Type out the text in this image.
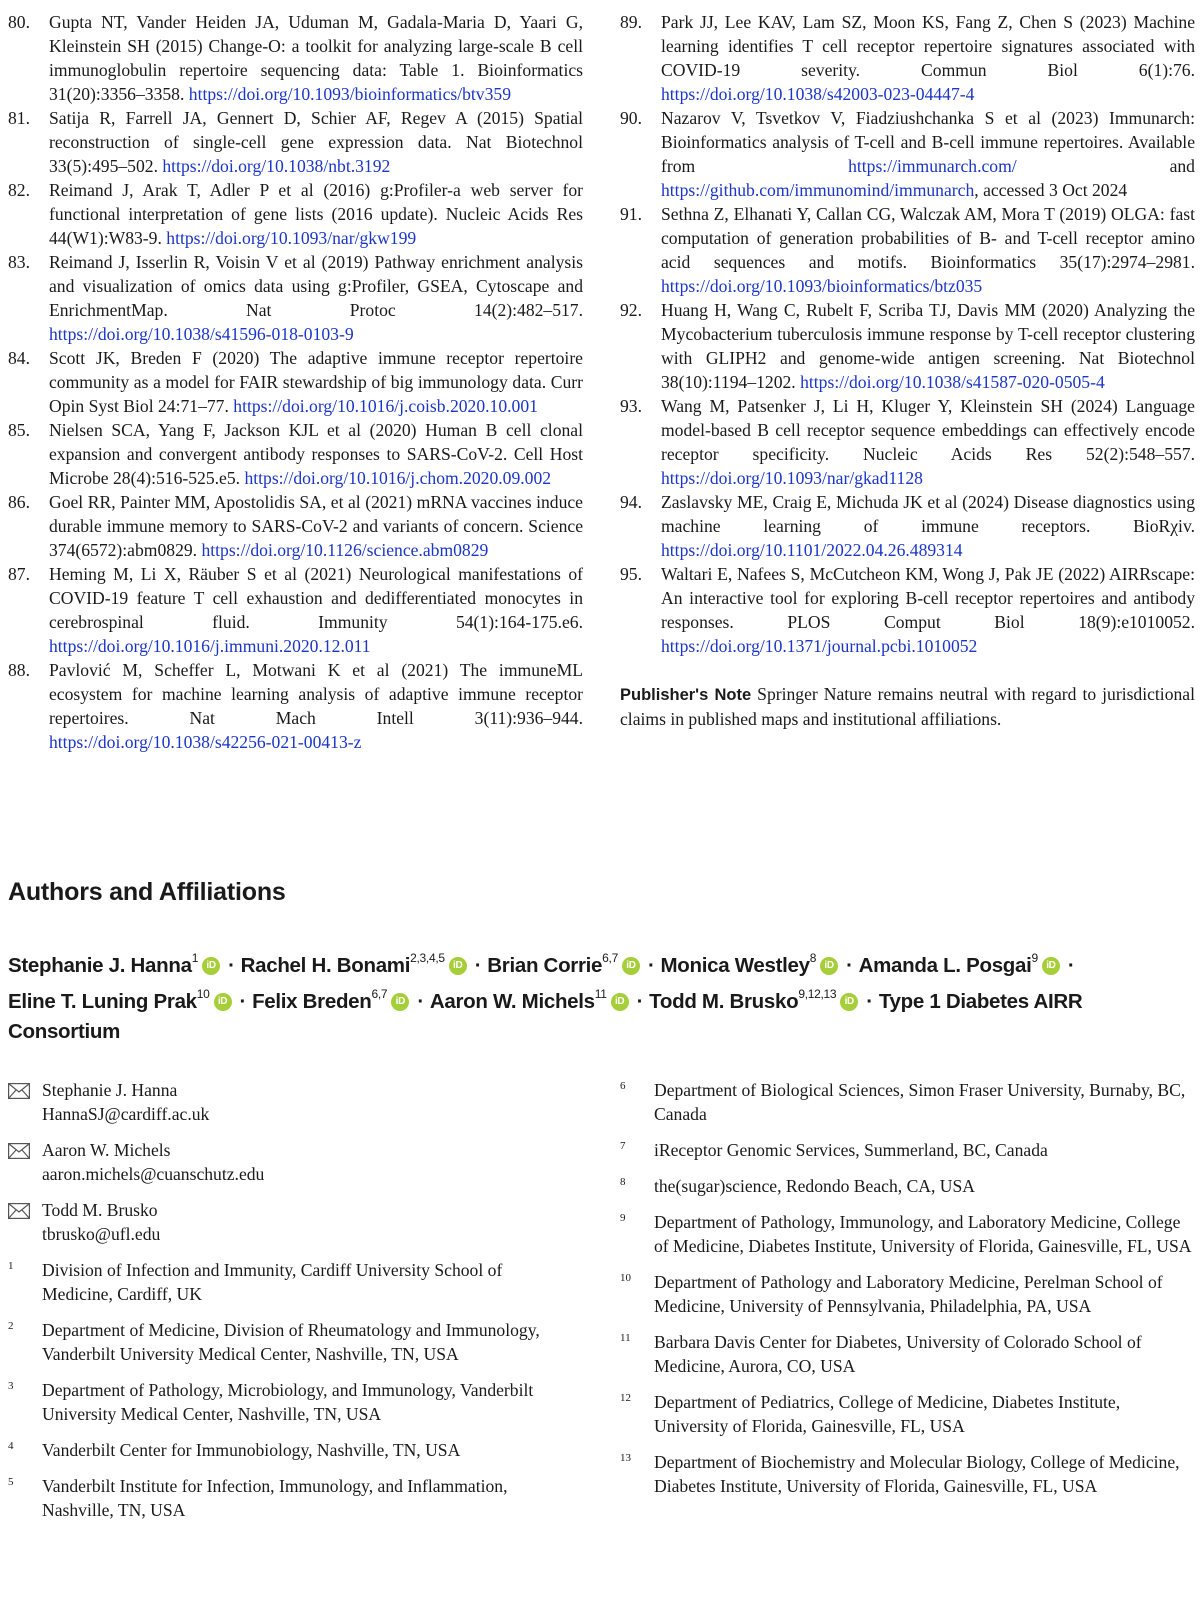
80.	Gupta NT, Vander Heiden JA, Uduman M, Gadala-Maria D, Yaari G, Kleinstein SH (2015) Change-O: a toolkit for analyzing large-scale B cell immunoglobulin repertoire sequencing data: Table 1. Bioinformatics 31(20):3356–3358. https://doi.org/10.1093/bioinformatics/btv359
81.	Satija R, Farrell JA, Gennert D, Schier AF, Regev A (2015) Spatial reconstruction of single-cell gene expression data. Nat Biotechnol 33(5):495–502. https://doi.org/10.1038/nbt.3192
82.	Reimand J, Arak T, Adler P et al (2016) g:Profiler-a web server for functional interpretation of gene lists (2016 update). Nucleic Acids Res 44(W1):W83-9. https://doi.org/10.1093/nar/gkw199
83.	Reimand J, Isserlin R, Voisin V et al (2019) Pathway enrichment analysis and visualization of omics data using g:Profiler, GSEA, Cytoscape and EnrichmentMap. Nat Protoc 14(2):482–517. https://doi.org/10.1038/s41596-018-0103-9
84.	Scott JK, Breden F (2020) The adaptive immune receptor repertoire community as a model for FAIR stewardship of big immunology data. Curr Opin Syst Biol 24:71–77. https://doi.org/10.1016/j.coisb.2020.10.001
85.	Nielsen SCA, Yang F, Jackson KJL et al (2020) Human B cell clonal expansion and convergent antibody responses to SARS-CoV-2. Cell Host Microbe 28(4):516-525.e5. https://doi.org/10.1016/j.chom.2020.09.002
86.	Goel RR, Painter MM, Apostolidis SA, et al (2021) mRNA vaccines induce durable immune memory to SARS-CoV-2 and variants of concern. Science 374(6572):abm0829. https://doi.org/10.1126/science.abm0829
87.	Heming M, Li X, Räuber S et al (2021) Neurological manifestations of COVID-19 feature T cell exhaustion and dedifferentiated monocytes in cerebrospinal fluid. Immunity 54(1):164-175.e6. https://doi.org/10.1016/j.immuni.2020.12.011
88.	Pavlović M, Scheffer L, Motwani K et al (2021) The immuneML ecosystem for machine learning analysis of adaptive immune receptor repertoires. Nat Mach Intell 3(11):936–944. https://doi.org/10.1038/s42256-021-00413-z
89.	Park JJ, Lee KAV, Lam SZ, Moon KS, Fang Z, Chen S (2023) Machine learning identifies T cell receptor repertoire signatures associated with COVID-19 severity. Commun Biol 6(1):76. https://doi.org/10.1038/s42003-023-04447-4
90.	Nazarov V, Tsvetkov V, Fiadziushchanka S et al (2023) Immunarch: Bioinformatics analysis of T-cell and B-cell immune repertoires. Available from https://immunarch.com/ and https://github.com/immunomind/immunarch, accessed 3 Oct 2024
91.	Sethna Z, Elhanati Y, Callan CG, Walczak AM, Mora T (2019) OLGA: fast computation of generation probabilities of B- and T-cell receptor amino acid sequences and motifs. Bioinformatics 35(17):2974–2981. https://doi.org/10.1093/bioinformatics/btz035
92.	Huang H, Wang C, Rubelt F, Scriba TJ, Davis MM (2020) Analyzing the Mycobacterium tuberculosis immune response by T-cell receptor clustering with GLIPH2 and genome-wide antigen screening. Nat Biotechnol 38(10):1194–1202. https://doi.org/10.1038/s41587-020-0505-4
93.	Wang M, Patsenker J, Li H, Kluger Y, Kleinstein SH (2024) Language model-based B cell receptor sequence embeddings can effectively encode receptor specificity. Nucleic Acids Res 52(2):548–557. https://doi.org/10.1093/nar/gkad1128
94.	Zaslavsky ME, Craig E, Michuda JK et al (2024) Disease diagnostics using machine learning of immune receptors. BioRχiv. https://doi.org/10.1101/2022.04.26.489314
95.	Waltari E, Nafees S, McCutcheon KM, Wong J, Pak JE (2022) AIRRscape: An interactive tool for exploring B-cell receptor repertoires and antibody responses. PLOS Comput Biol 18(9):e1010052. https://doi.org/10.1371/journal.pcbi.1010052

Publisher's Note Springer Nature remains neutral with regard to jurisdictional claims in published maps and institutional affiliations.

Authors and Affiliations
Stephanie J. Hanna$^1$iD · Rachel H. Bonami$^{2,3,4,5}$iD · Brian Corrie$^{6,7}$iD · Monica Westley$^8$iD · Amanda L. Posgai$^9$iD ·
Eline T. Luning Prak$^{10}$iD · Felix Breden$^{6,7}$iD · Aaron W. Michels$^{11}$iD · Todd M. Brusko$^{9,12,13}$iD · Type 1 Diabetes AIRR Consortium
Stephanie J. Hanna
HannaSJ@cardiff.ac.uk
Aaron W. Michels
aaron.michels@cuanschutz.edu
Todd M. Brusko
tbrusko@ufl.edu
1	Division of Infection and Immunity, Cardiff University School of Medicine, Cardiff, UK
2	Department of Medicine, Division of Rheumatology and Immunology, Vanderbilt University Medical Center, Nashville, TN, USA
3	Department of Pathology, Microbiology, and Immunology, Vanderbilt University Medical Center, Nashville, TN, USA
4	Vanderbilt Center for Immunobiology, Nashville, TN, USA
5	Vanderbilt Institute for Infection, Immunology, and Inflammation, Nashville, TN, USA
6	Department of Biological Sciences, Simon Fraser University, Burnaby, BC, Canada
7	iReceptor Genomic Services, Summerland, BC, Canada
8	the(sugar)science, Redondo Beach, CA, USA
9	Department of Pathology, Immunology, and Laboratory Medicine, College of Medicine, Diabetes Institute, University of Florida, Gainesville, FL, USA
10	Department of Pathology and Laboratory Medicine, Perelman School of Medicine, University of Pennsylvania, Philadelphia, PA, USA
11	Barbara Davis Center for Diabetes, University of Colorado School of Medicine, Aurora, CO, USA
12	Department of Pediatrics, College of Medicine, Diabetes Institute, University of Florida, Gainesville, FL, USA
13	Department of Biochemistry and Molecular Biology, College of Medicine, Diabetes Institute, University of Florida, Gainesville, FL, USA
